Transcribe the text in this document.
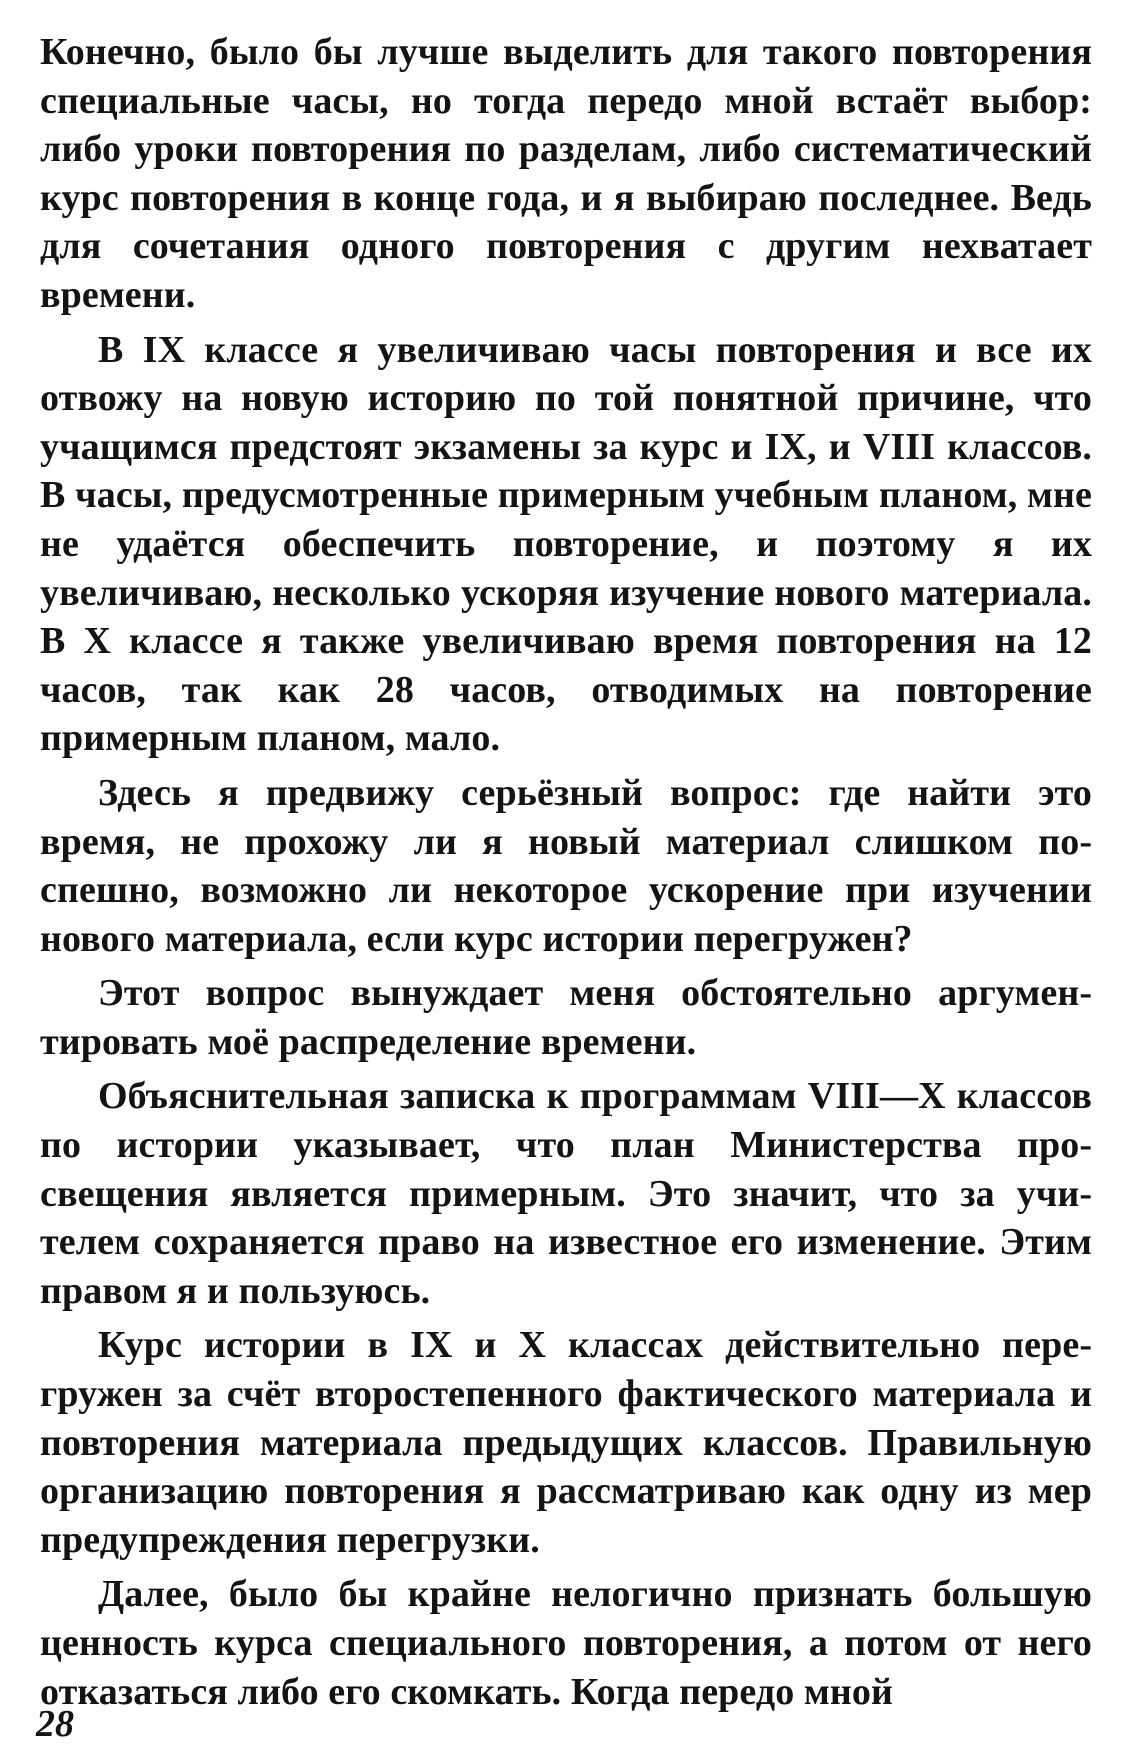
Конечно, было бы лучше выделить для такого повторения специальные часы, но тогда передо мной встаёт выбор: либо уроки повторения по разделам, либо систематический курс повторения в конце года, и я выбираю последнее. Ведь для сочетания одного повторения с другим нехватает времени.

В IX классе я увеличиваю часы повторения и все их отвожу на новую историю по той понятной причине, что учащимся предстоят экзамены за курс и IX, и VIII классов. В часы, предусмотренные примерным учебным планом, мне не удаётся обеспечить повторение, и поэтому я их увеличиваю, несколько ускоряя изучение нового материала. В X классе я также увеличиваю время повторения на 12 часов, так как 28 часов, отводимых на повторение примерным планом, мало.

Здесь я предвижу серьёзный вопрос: где найти это время, не прохожу ли я новый материал слишком поспешно, возможно ли некоторое ускорение при изучении нового материала, если курс истории перегружен?

Этот вопрос вынуждает меня обстоятельно аргументировать моё распределение времени.

Объяснительная записка к программам VIII—X классов по истории указывает, что план Министерства просвещения является примерным. Это значит, что за учителем сохраняется право на известное его изменение. Этим правом я и пользуюсь.

Курс истории в IX и X классах действительно перегружен за счёт второстепенного фактического материала и повторения материала предыдущих классов. Правильную организацию повторения я рассматриваю как одну из мер предупреждения перегрузки.

Далее, было бы крайне нелогично признать большую ценность курса специального повторения, а потом от него отказаться либо его скомкать. Когда передо мной

28
